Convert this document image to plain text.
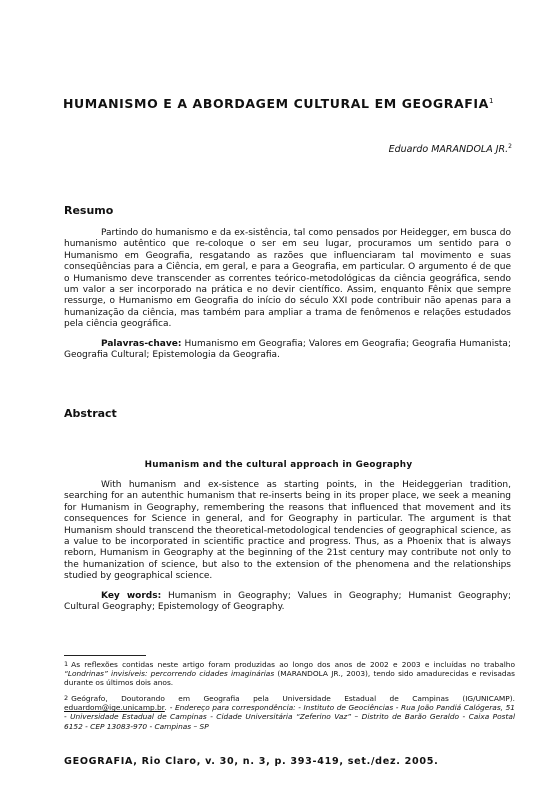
HUMANISMO E A ABORDAGEM CULTURAL EM GEOGRAFIA$^1$
Eduardo MARANDOLA JR.$^2$
Resumo

Partindo do humanismo e da ex-sistência, tal como pensados por Heidegger, em busca do humanismo autêntico que re-coloque o ser em seu lugar, procuramos um sentido para o Humanismo em Geografia, resgatando as razões que influenciaram tal movimento e suas conseqüências para a Ciência, em geral, e para a Geografia, em particular. O argumento é de que o Humanismo deve transcender as correntes teórico-metodológicas da ciência geográfica, sendo um valor a ser incorporado na prática e no devir científico. Assim, enquanto Fênix que sempre ressurge, o Humanismo em Geografia do início do século XXI pode contribuir não apenas para a humanização da ciência, mas também para ampliar a trama de fenômenos e relações estudados pela ciência geográfica.

Palavras-chave: Humanismo em Geografia; Valores em Geografia; Geografia Humanista; Geografia Cultural; Epistemologia da Geografia.

Abstract
Humanism and the cultural approach in Geography

With humanism and ex-sistence as starting points, in the Heideggerian tradition, searching for an autenthic humanism that re-inserts being in its proper place, we seek a meaning for Humanism in Geography, remembering the reasons that influenced that movement and its consequences for Science in general, and for Geography in particular. The argument is that Humanism should transcend the theoretical-metodological tendencies of geographical science, as a value to be incorporated in scientific practice and progress. Thus, as a Phoenix that is always reborn, Humanism in Geography at the beginning of the 21st century may contribute not only to the humanization of science, but also to the extension of the phenomena and the relationships studied by geographical science.

Key words: Humanism in Geography; Values in Geography; Humanist Geography; Cultural Geography; Epistemology of Geography.

1 As reflexões contidas neste artigo foram produzidas ao longo dos anos de 2002 e 2003 e incluídas no trabalho “Londrinas” invisíveis: percorrendo cidades imaginárias (MARANDOLA JR., 2003), tendo sido amadurecidas e revisadas durante os últimos dois anos.

2 Geógrafo, Doutorando em Geografia pela Universidade Estadual de Campinas (IG/UNICAMP). eduardom@ige.unicamp.br. - Endereço para correspondência: - Instituto de Geociências - Rua João Pandiá Calógeras, 51 - Universidade Estadual de Campinas - Cidade Universitária “Zeferino Vaz” – Distrito de Barão Geraldo - Caixa Postal 6152 - CEP 13083-970 - Campinas – SP

GEOGRAFIA, Rio Claro, v. 30, n. 3, p. 393-419, set./dez. 2005.
